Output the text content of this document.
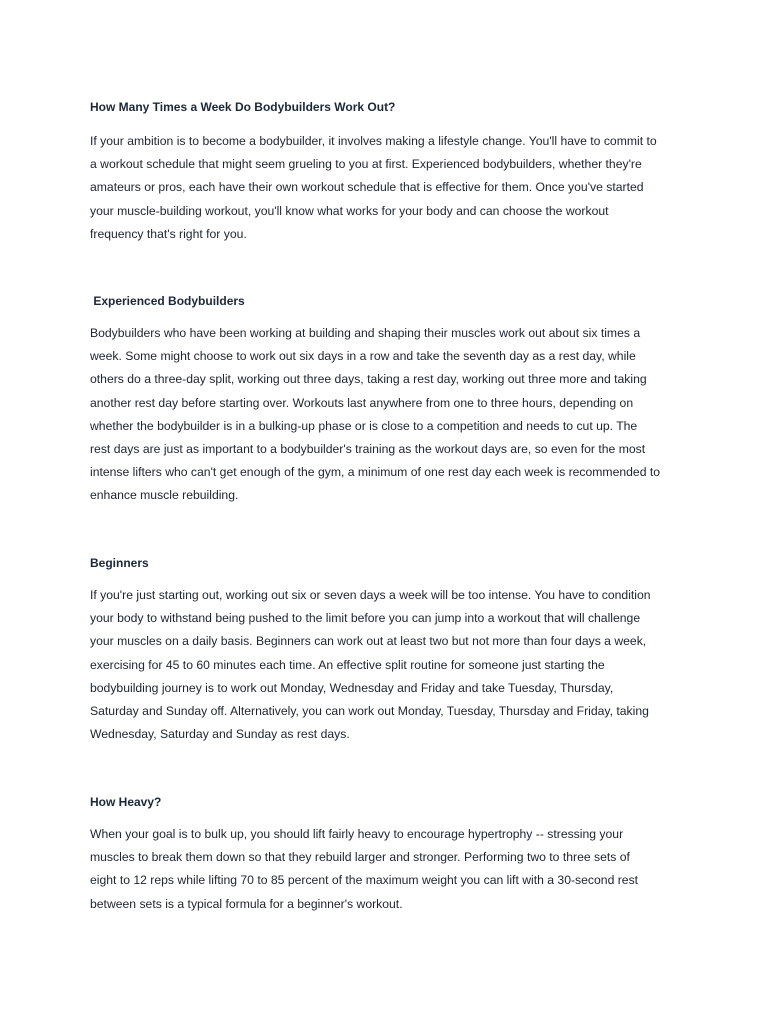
How Many Times a Week Do Bodybuilders Work Out?

If your ambition is to become a bodybuilder, it involves making a lifestyle change. You'll have to commit to
a workout schedule that might seem grueling to you at first. Experienced bodybuilders, whether they're
amateurs or pros, each have their own workout schedule that is effective for them. Once you've started
your muscle-building workout, you'll know what works for your body and can choose the workout
frequency that's right for you.

Experienced Bodybuilders

Bodybuilders who have been working at building and shaping their muscles work out about six times a
week. Some might choose to work out six days in a row and take the seventh day as a rest day, while
others do a three-day split, working out three days, taking a rest day, working out three more and taking
another rest day before starting over. Workouts last anywhere from one to three hours, depending on
whether the bodybuilder is in a bulking-up phase or is close to a competition and needs to cut up. The
rest days are just as important to a bodybuilder's training as the workout days are, so even for the most
intense lifters who can't get enough of the gym, a minimum of one rest day each week is recommended to
enhance muscle rebuilding.

Beginners

If you're just starting out, working out six or seven days a week will be too intense. You have to condition
your body to withstand being pushed to the limit before you can jump into a workout that will challenge
your muscles on a daily basis. Beginners can work out at least two but not more than four days a week,
exercising for 45 to 60 minutes each time. An effective split routine for someone just starting the
bodybuilding journey is to work out Monday, Wednesday and Friday and take Tuesday, Thursday,
Saturday and Sunday off. Alternatively, you can work out Monday, Tuesday, Thursday and Friday, taking
Wednesday, Saturday and Sunday as rest days.

How Heavy?

When your goal is to bulk up, you should lift fairly heavy to encourage hypertrophy -- stressing your
muscles to break them down so that they rebuild larger and stronger. Performing two to three sets of
eight to 12 reps while lifting 70 to 85 percent of the maximum weight you can lift with a 30-second rest
between sets is a typical formula for a beginner's workout.
